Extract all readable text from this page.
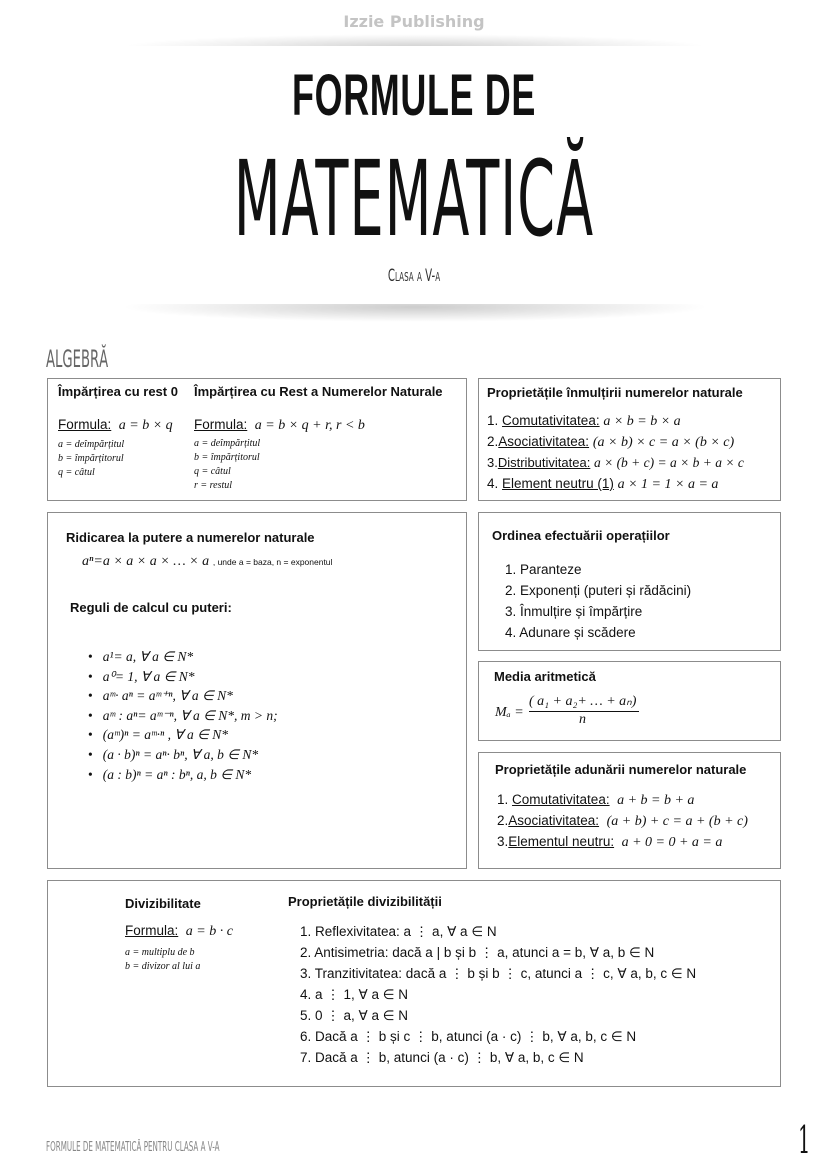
Izzie Publishing
FORMULE DE
MATEMATICĂ
Clasa a V-a
ALGEBRĂ
Împărțirea cu rest 0 Împărțirea cu Rest a Numerelor Naturale
Formula: a = b × q Formula: a = b × q + r, r < b
a = deîmpărțitul
b = împărțitorul
q = câtul
a = deîmpărțitul
b = împărțitorul
q = câtul
r = restul
Proprietățile înmulțirii numerelor naturale
1. Comutativitatea: a × b = b × a
2.Asociativitatea: (a × b) × c = a × (b × c)
3.Distributivitatea: a × (b + c) = a × b + a × c
4. Element neutru (1) a × 1 = 1 × a = a
Ridicarea la putere a numerelor naturale
aⁿ=a × a × a × … × a , unde a = baza, n = exponentul
Reguli de calcul cu puteri:
• a¹= a, ∀ a ∈ N*
• a⁰= 1, ∀ a ∈ N*
• aᵐ· aⁿ = aᵐ⁺ⁿ, ∀ a ∈ N*
• aᵐ : aⁿ= aᵐ⁻ⁿ, ∀ a ∈ N*, m > n;
• (aᵐ)ⁿ = aᵐ·ⁿ , ∀ a ∈ N*
• (a · b)ⁿ = aⁿ· bⁿ, ∀ a, b ∈ N*
• (a : b)ⁿ = aⁿ : bⁿ, a, b ∈ N*
Ordinea efectuării operațiilor
1. Paranteze
2. Exponenți (puteri și rădăcini)
3. Înmulțire și împărțire
4. Adunare și scădere
Media aritmetică
Mₐ =
( a₁ + a₂+ … + aₙ)
n
Proprietățile adunării numerelor naturale
1. Comutativitatea: a + b = b + a
2.Asociativitatea: (a + b) + c = a + (b + c)
3.Elementul neutru: a + 0 = 0 + a = a
Divizibilitate
Formula: a = b · c
a = multiplu de b
b = divizor al lui a
Proprietățile divizibilității
1. Reflexivitatea: a ⋮ a, ∀ a ∈ N
2. Antisimetria: dacă a | b și b ⋮ a, atunci a = b, ∀ a, b ∈ N
3. Tranzitivitatea: dacă a ⋮ b și b ⋮ c, atunci a ⋮ c, ∀ a, b, c ∈ N
4. a ⋮ 1, ∀ a ∈ N
5. 0 ⋮ a, ∀ a ∈ N
6. Dacă a ⋮ b și c ⋮ b, atunci (a · c) ⋮ b, ∀ a, b, c ∈ N
7. Dacă a ⋮ b, atunci (a · c) ⋮ b, ∀ a, b, c ∈ N
FORMULE DE MATEMATICĂ PENTRU CLASA A V-A	1
